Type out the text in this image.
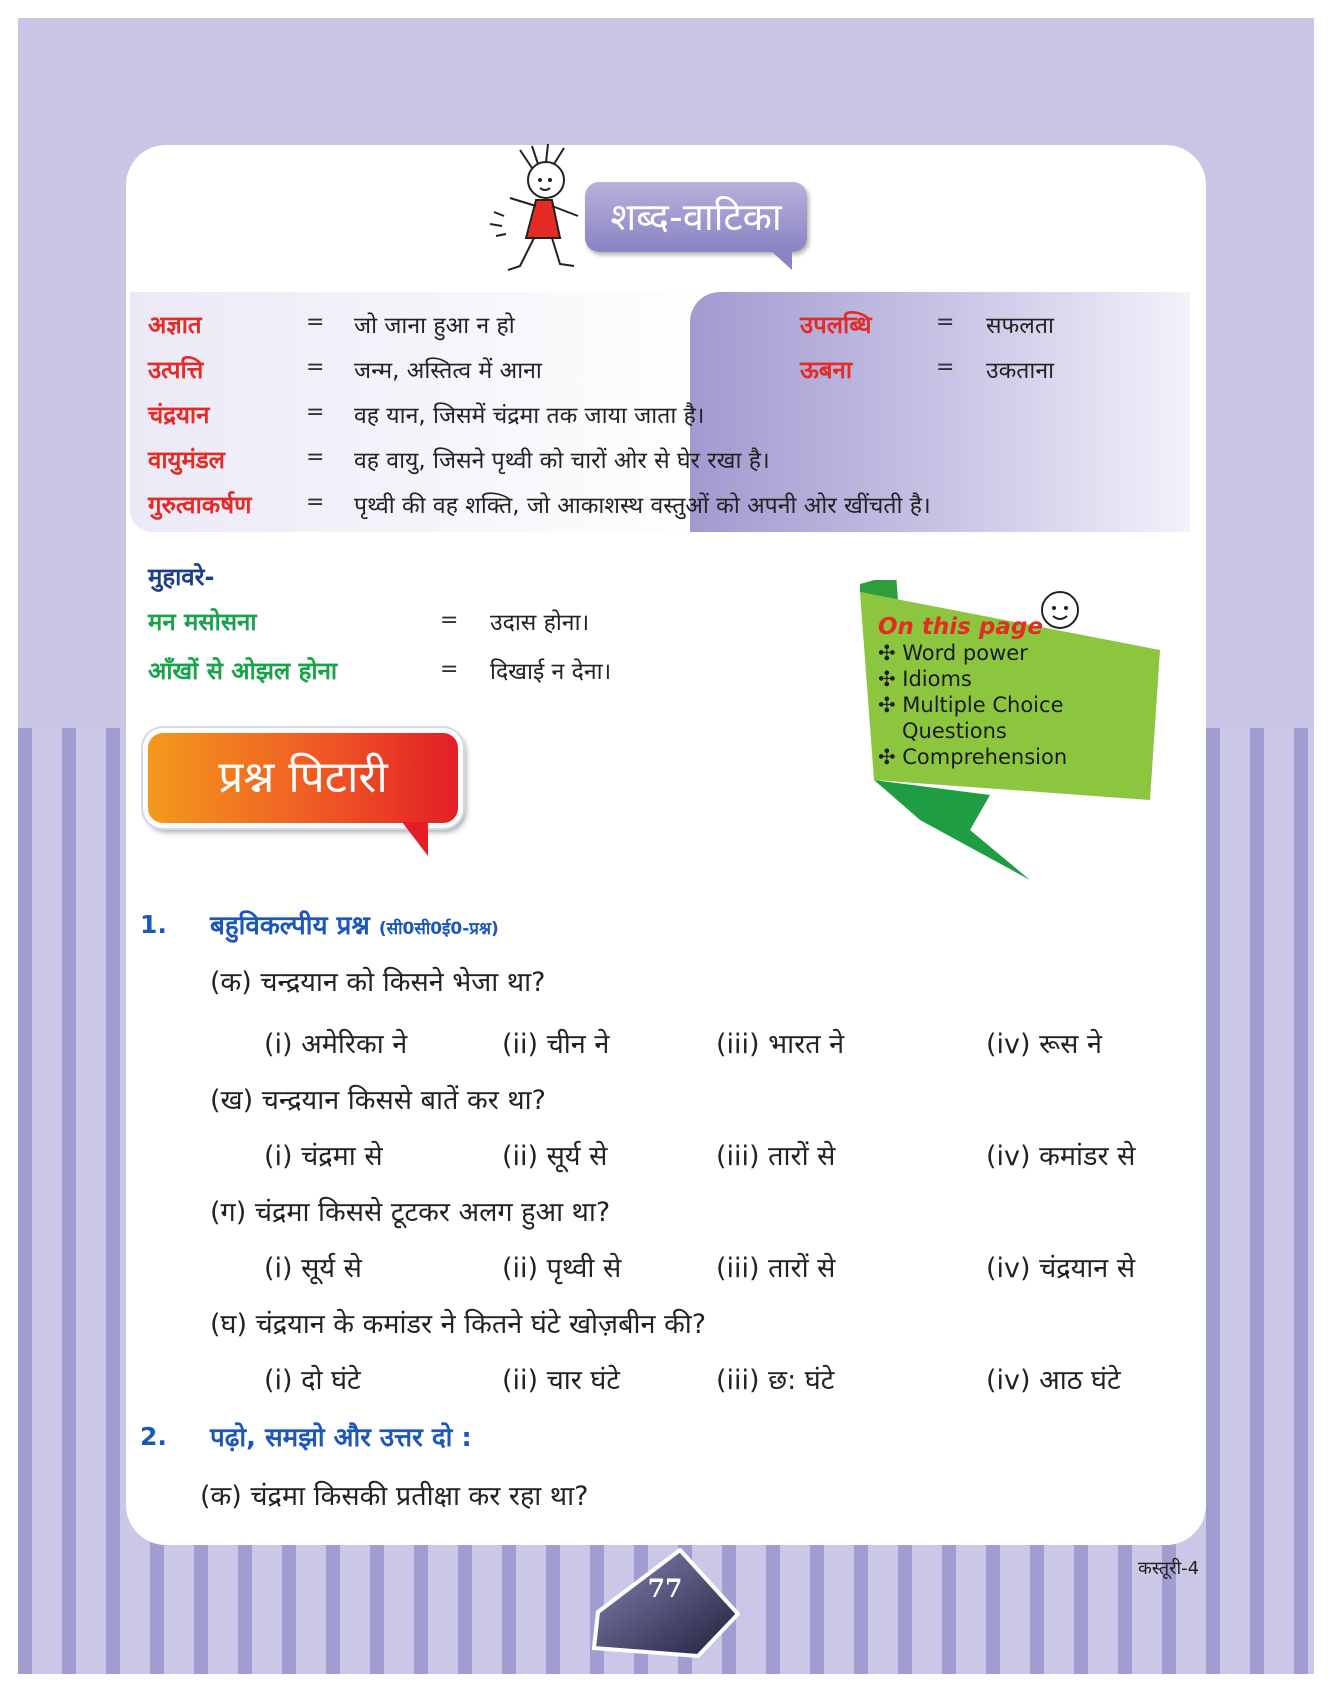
शब्द-वाटिका
अज्ञात	= जो जाना हुआ न हो
उत्पत्ति	= जन्म, अस्तित्व में आना
चंद्रयान	= वह यान, जिसमें चंद्रमा तक जाया जाता है।
वायुमंडल	= वह वायु, जिसने पृथ्वी को चारों ओर से घेर रखा है।
गुरुत्वाकर्षण = पृथ्वी की वह शक्ति, जो आकाशस्थ वस्तुओं को अपनी ओर खींचती है।
उपलब्धि	= सफलता
ऊबना	= उकताना
मुहावरे-
मन मसोसना	= उदास होना।
आँखों से ओझल होना	= दिखाई न देना।
On this page
✣ Word power
✣ Idioms
✣ Multiple Choice
Questions
✣ Comprehension
प्रश्न पिटारी
1. बहुविकल्पीय प्रश्न (सी0सी0ई0-प्रश्न)
(क) चन्द्रयान को किसने भेजा था?
(i) अमेरिका ने	(ii) चीन ने	(iii) भारत ने	(iv) रूस ने
(ख) चन्द्रयान किससे बातें कर था?
(i) चंद्रमा से	(ii) सूर्य से	(iii) तारों से	(iv) कमांडर से
(ग) चंद्रमा किससे टूटकर अलग हुआ था?
(i) सूर्य से	(ii) पृथ्वी से	(iii) तारों से	(iv) चंद्रयान से
(घ) चंद्रयान के कमांडर ने कितने घंटे खोज़बीन की?
(i) दो घंटे	(ii) चार घंटे	(iii) छ: घंटे	(iv) आठ घंटे
2. पढ़ो, समझो और उत्तर दो :
(क) चंद्रमा किसकी प्रतीक्षा कर रहा था?
77
कस्तूरी-4
